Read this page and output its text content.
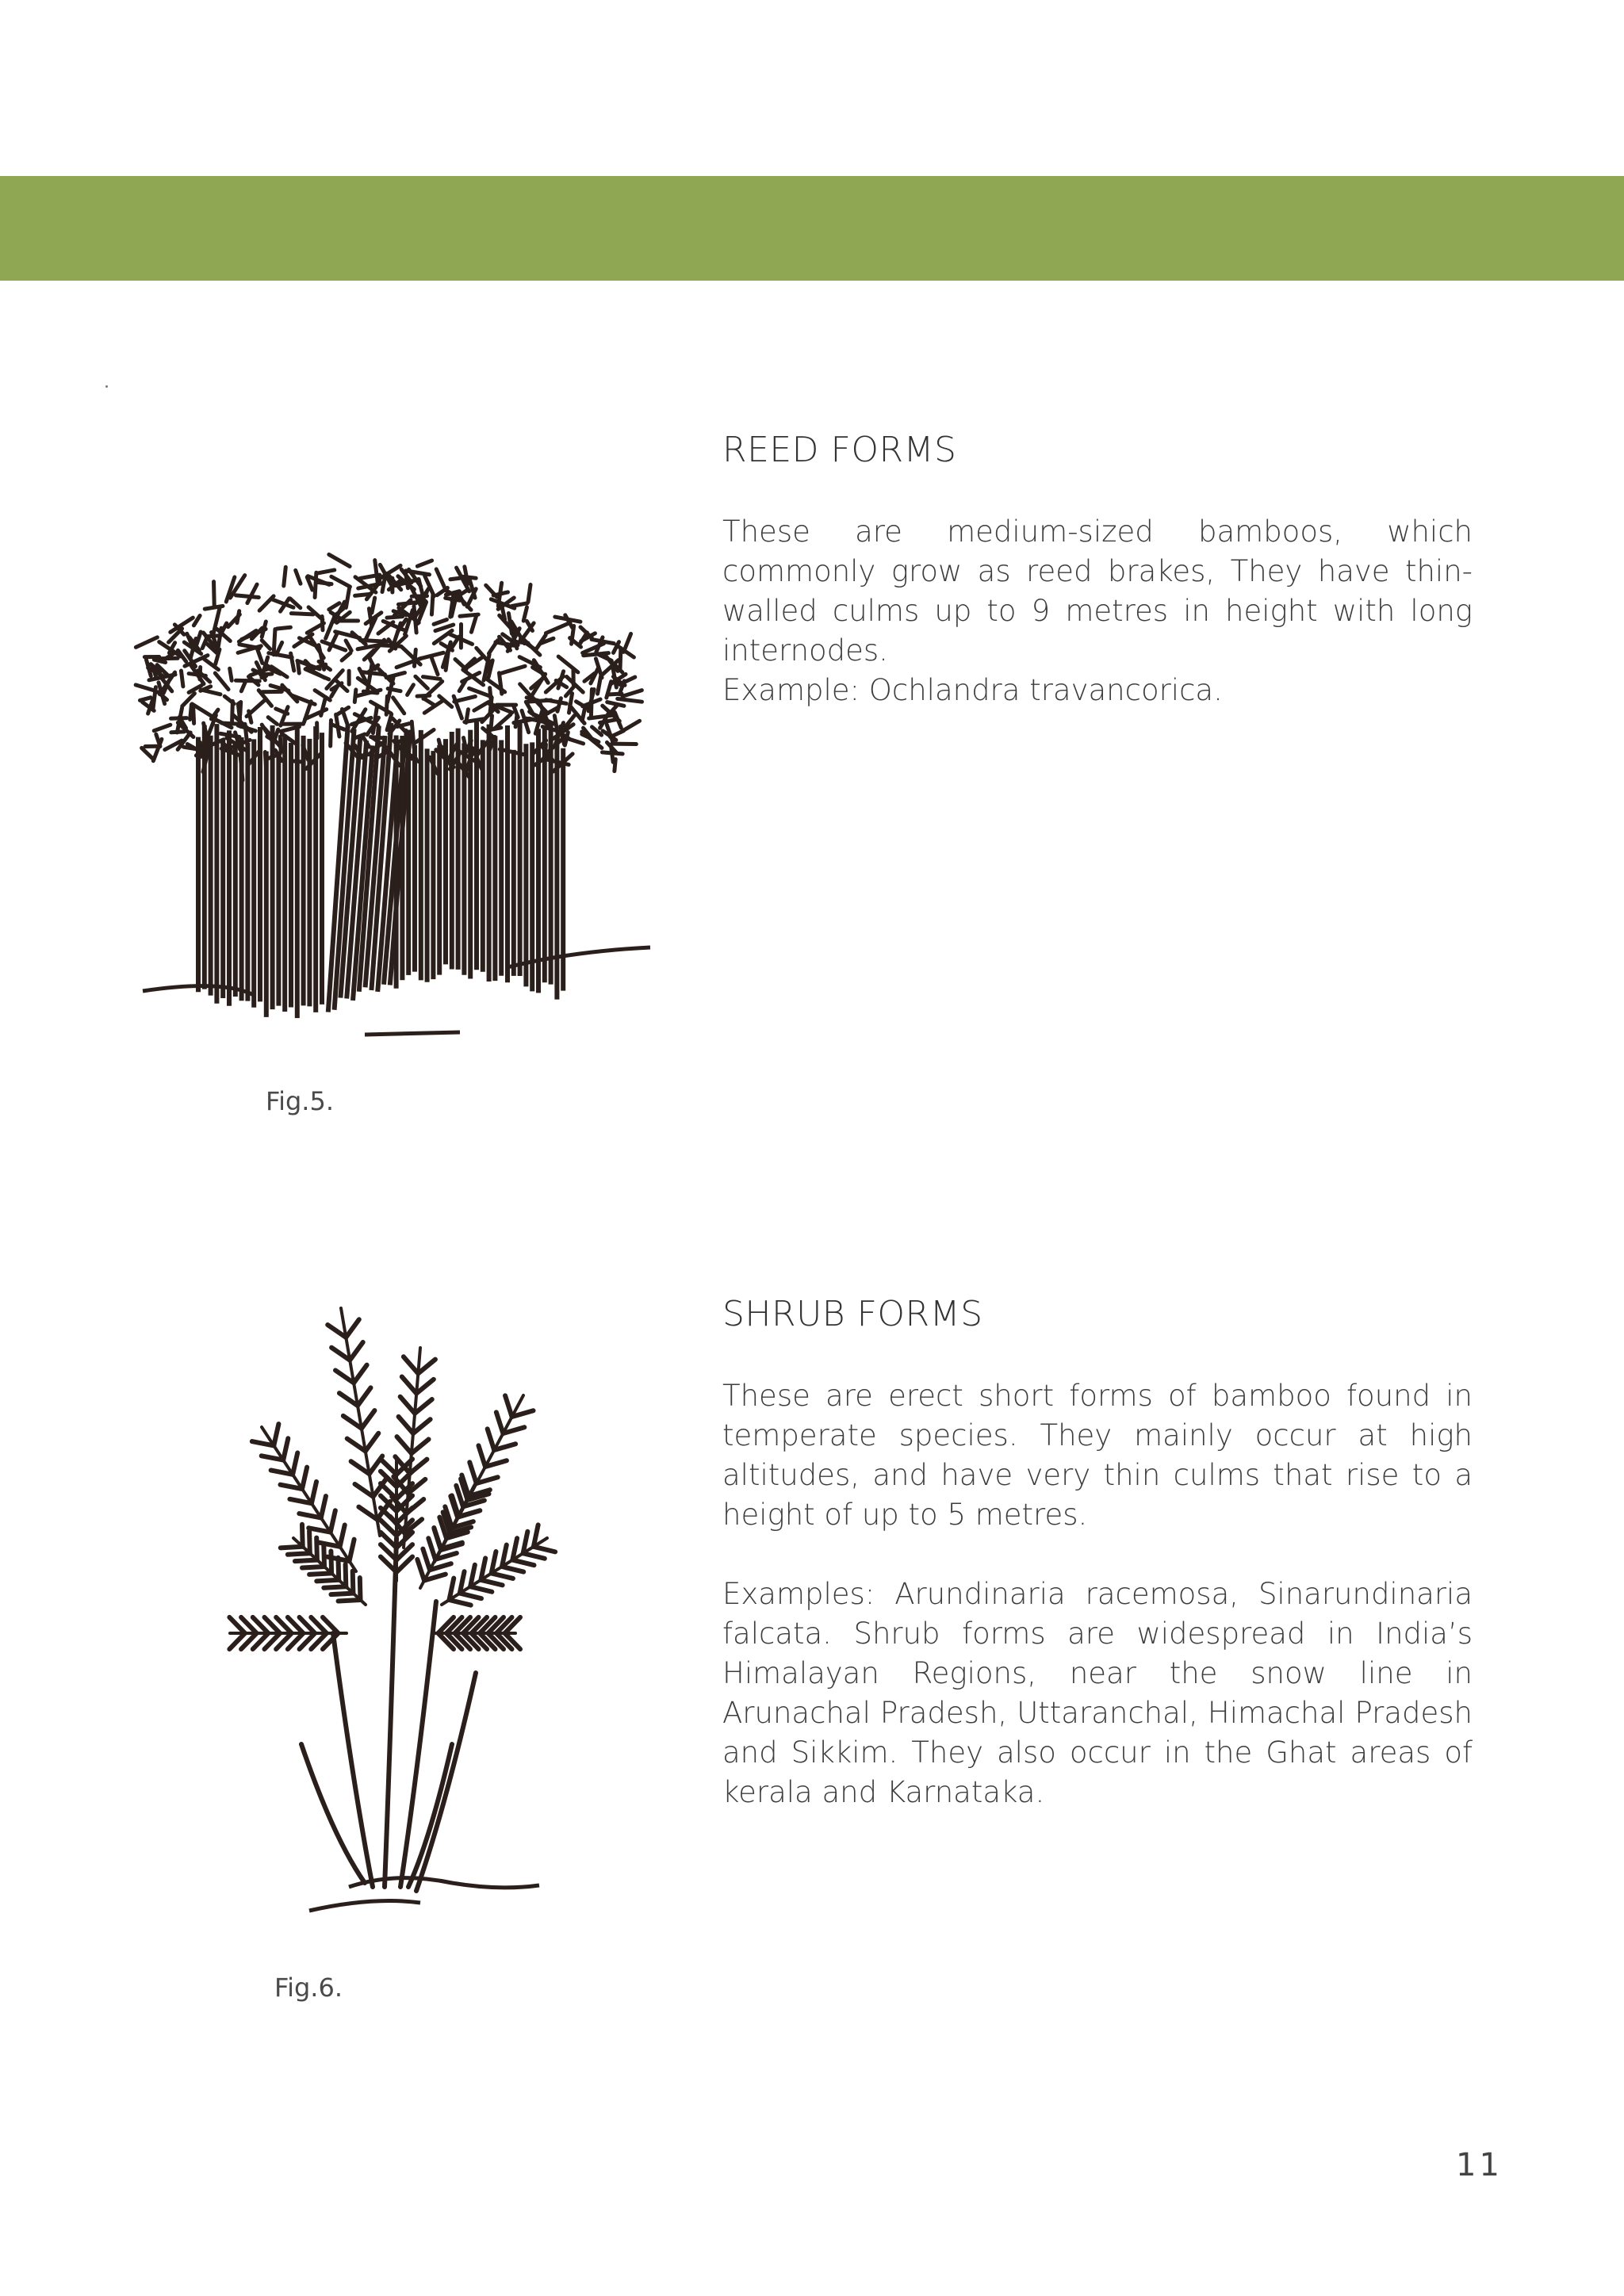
REED FORMS

These are medium-sized bamboos, which commonly grow as reed brakes, They have thin-walled culms up to 9 metres in height with long internodes.

Example: Ochlandra travancorica.

Fig.5.
SHRUB FORMS

These are erect short forms of bamboo found in temperate species. They mainly occur at high altitudes, and have very thin culms that rise to a height of up to 5 metres.

Examples: Arundinaria racemosa, Sinarundinaria falcata. Shrub forms are widespread in India’s Himalayan Regions, near the snow line in Arunachal Pradesh, Uttaranchal, Himachal Pradesh and Sikkim. They also occur in the Ghat areas of kerala and Karnataka.

Fig.6.
11
